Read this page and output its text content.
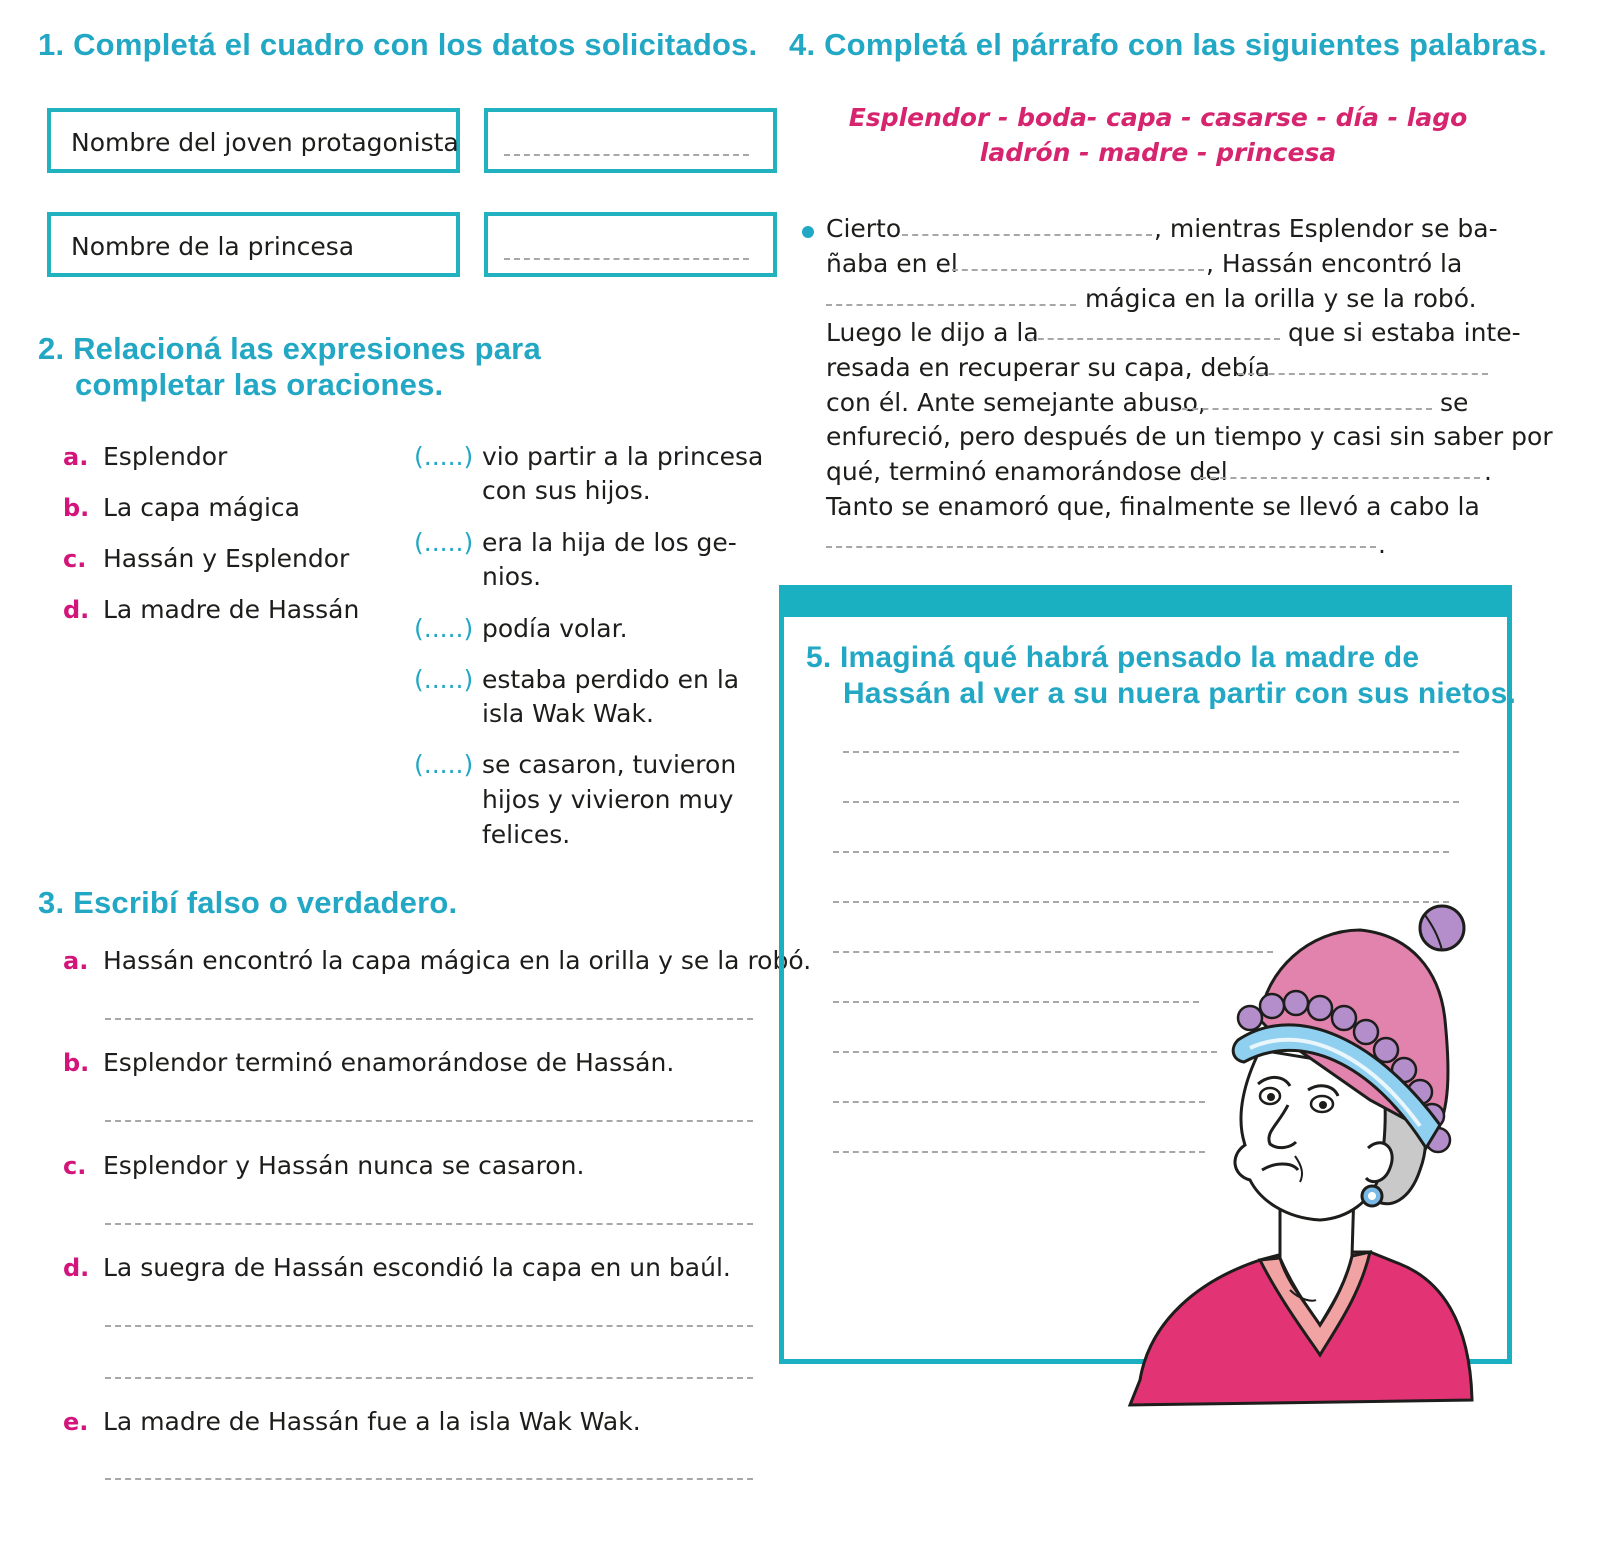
1. Completá el cuadro con los datos solicitados.
Nombre del joven protagonista
Nombre de la princesa
2. Relacioná las expresiones para
completar las oraciones.
a. Esplendor
b. La capa mágica
c. Hassán y Esplendor
d. La madre de Hassán
(.....) vio partir a la princesa
con sus hijos.
(.....) era la hija de los ge-
nios.
(.....) podía volar.
(.....) estaba perdido en la
isla Wak Wak.
(.....) se casaron, tuvieron
hijos y vivieron muy
felices.
3. Escribí falso o verdadero.
a. Hassán encontró la capa mágica en la orilla y se la robó.
b. Esplendor terminó enamorándose de Hassán.
c. Esplendor y Hassán nunca se casaron.
d. La suegra de Hassán escondió la capa en un baúl.
e. La madre de Hassán fue a la isla Wak Wak.
4. Completá el párrafo con las siguientes palabras.
Esplendor - boda- capa - casarse - día - lago
ladrón - madre - princesa
Cierto	, mientras Esplendor se ba-
ñaba en el	, Hassán encontró la
mágica en la orilla y se la robó.
Luego le dijo a la	que si estaba inte-
resada en recuperar su capa, debía
con él. Ante semejante abuso,	se
enfureció, pero después de un tiempo y casi sin saber por
qué, terminó enamorándose del	.
Tanto se enamoró que, finalmente se llevó a cabo la
.
5. Imaginá qué habrá pensado la madre de
Hassán al ver a su nuera partir con sus nietos.
